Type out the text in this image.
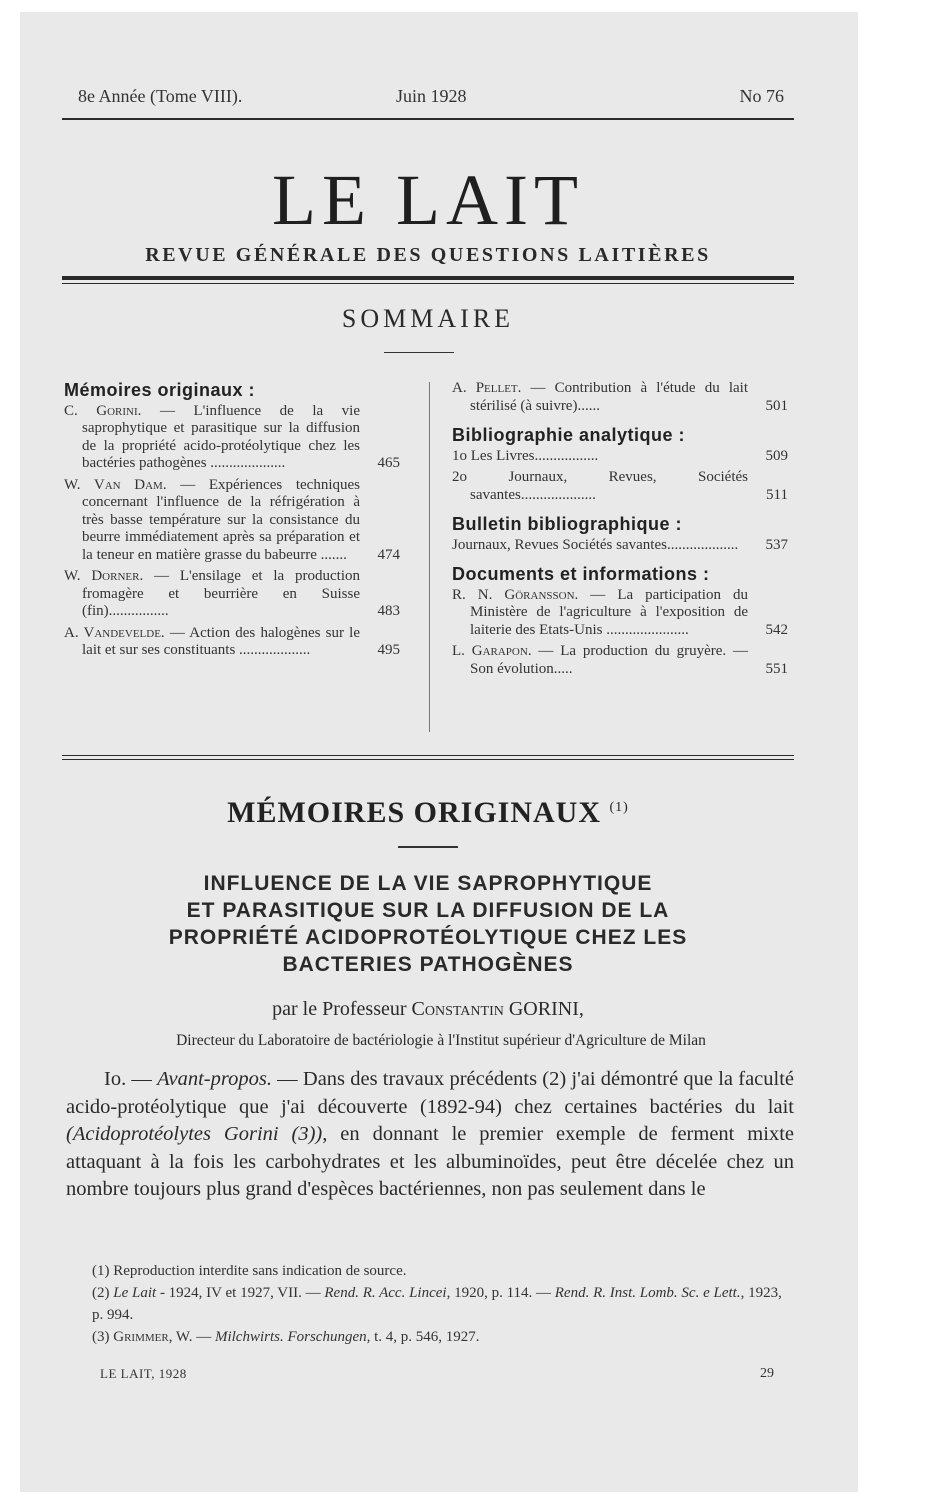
8e Année (Tome VIII).	Juin 1928	No 76
LE LAIT
REVUE GÉNÉRALE DES QUESTIONS LAITIÈRES
SOMMAIRE
Mémoires originaux :
C. Gorini. — L'influence de la vie saprophytique et parasitique sur la diffusion de la propriété acido-protéolytique chez les bactéries pathogènes ....................	465
W. Van Dam. — Expériences techniques concernant l'influence de la réfrigération à très basse température sur la consistance du beurre immédiatement après sa préparation et la teneur en matière grasse du babeurre .......	474
W. Dorner. — L'ensilage et la production fromagère et beurrière en Suisse (fin)................	483
A. Vandevelde. — Action des halogènes sur le lait et sur ses constituants ...................	495
A. Pellet. — Contribution à l'étude du lait stérilisé (à suivre)......	501
Bibliographie analytique :
1o Les Livres.................	509
2o Journaux, Revues, Sociétés savantes....................	511
Bulletin bibliographique :
Journaux, Revues Sociétés savantes...................	537
Documents et informations :
R. N. Göransson. — La participation du Ministère de l'agriculture à l'exposition de laiterie des Etats-Unis ......................	542
L. Garapon. — La production du gruyère. — Son évolution.....	551
MÉMOIRES ORIGINAUX $^{(1)}$
INFLUENCE DE LA VIE SAPROPHYTIQUE
ET PARASITIQUE SUR LA DIFFUSION DE LA
PROPRIÉTÉ ACIDOPROTÉOLYTIQUE CHEZ LES
BACTERIES PATHOGÈNES
par le Professeur Constantin GORINI,
Directeur du Laboratoire de bactériologie à l'Institut supérieur d'Agriculture de Milan

Io. — Avant-propos. — Dans des travaux précédents (2) j'ai démontré que la faculté acido-protéolytique que j'ai découverte (1892-94) chez certaines bactéries du lait (Acidoprotéolytes Gorini (3)), en donnant le premier exemple de ferment mixte attaquant à la fois les carbohydrates et les albuminoïdes, peut être décelée chez un nombre toujours plus grand d'espèces bactériennes, non pas seulement dans le

(1) Reproduction interdite sans indication de source.

(2) Le Lait - 1924, IV et 1927, VII. — Rend. R. Acc. Lincei, 1920, p. 114. — Rend. R. Inst. Lomb. Sc. e Lett., 1923, p. 994.

(3) Grimmer, W. — Milchwirts. Forschungen, t. 4, p. 546, 1927.

LE LAIT, 1928	29
